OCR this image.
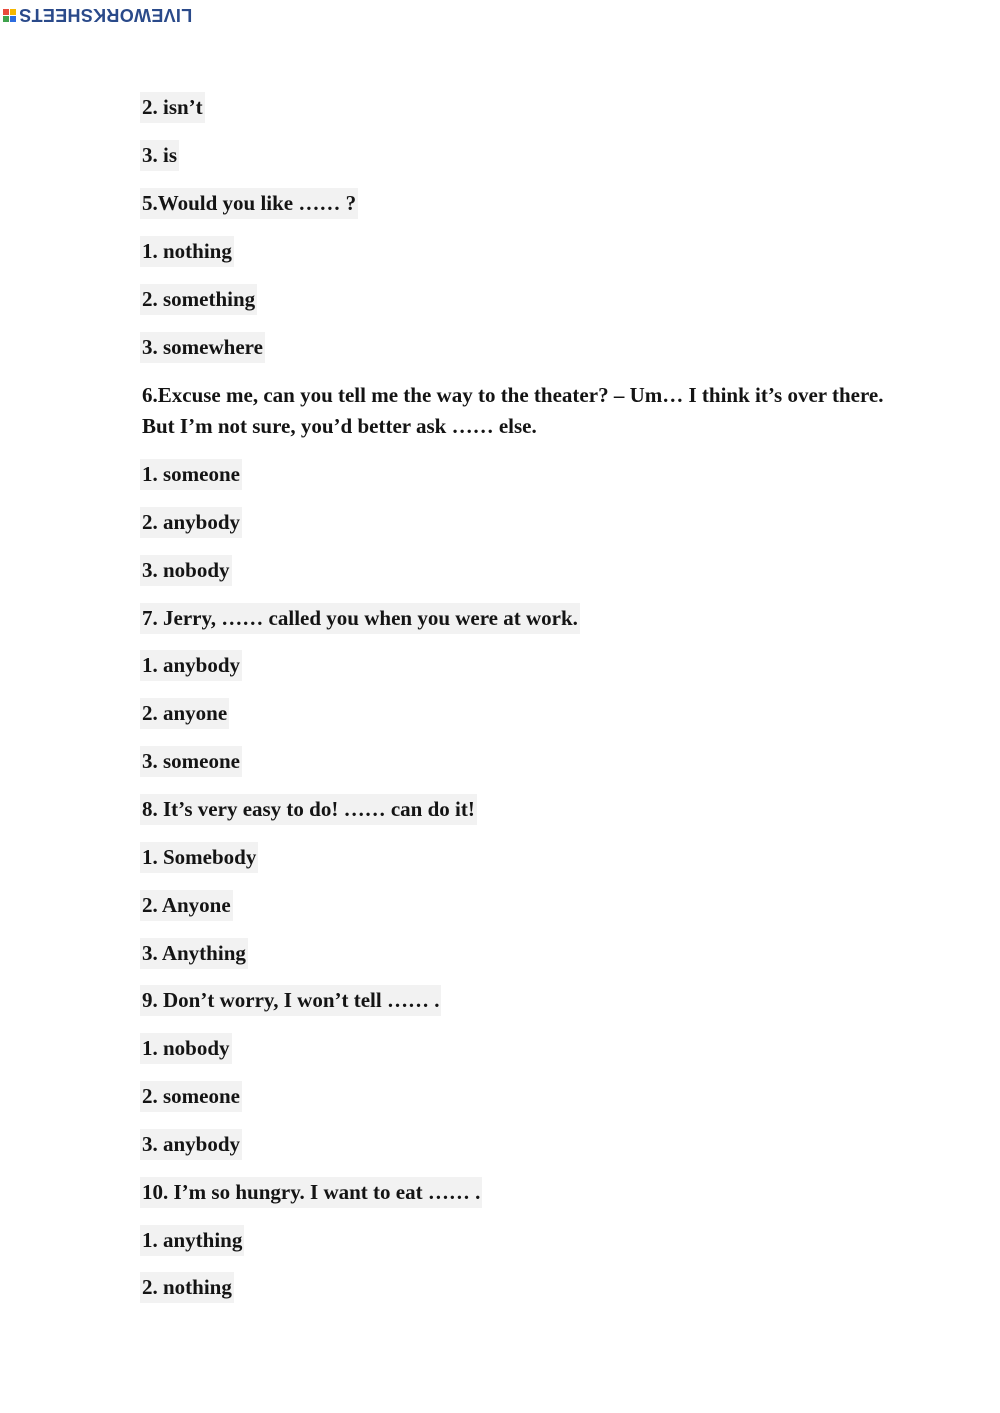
LIVEWORKSHEETS
2. isn’t
3. is
5.Would you like …… ?
1. nothing
2. something
3. somewhere
6.Excuse me, can you tell me the way to the theater? – Um… I think it’s over there. But I’m not sure, you’d better ask …… else.
1. someone
2. anybody
3. nobody
7. Jerry, …… called you when you were at work.
1. anybody
2. anyone
3. someone
8. It’s very easy to do! …… can do it!
1. Somebody
2. Anyone
3. Anything
9. Don’t worry, I won’t tell …… .
1. nobody
2. someone
3. anybody
10. I’m so hungry. I want to eat …… .
1. anything
2. nothing
